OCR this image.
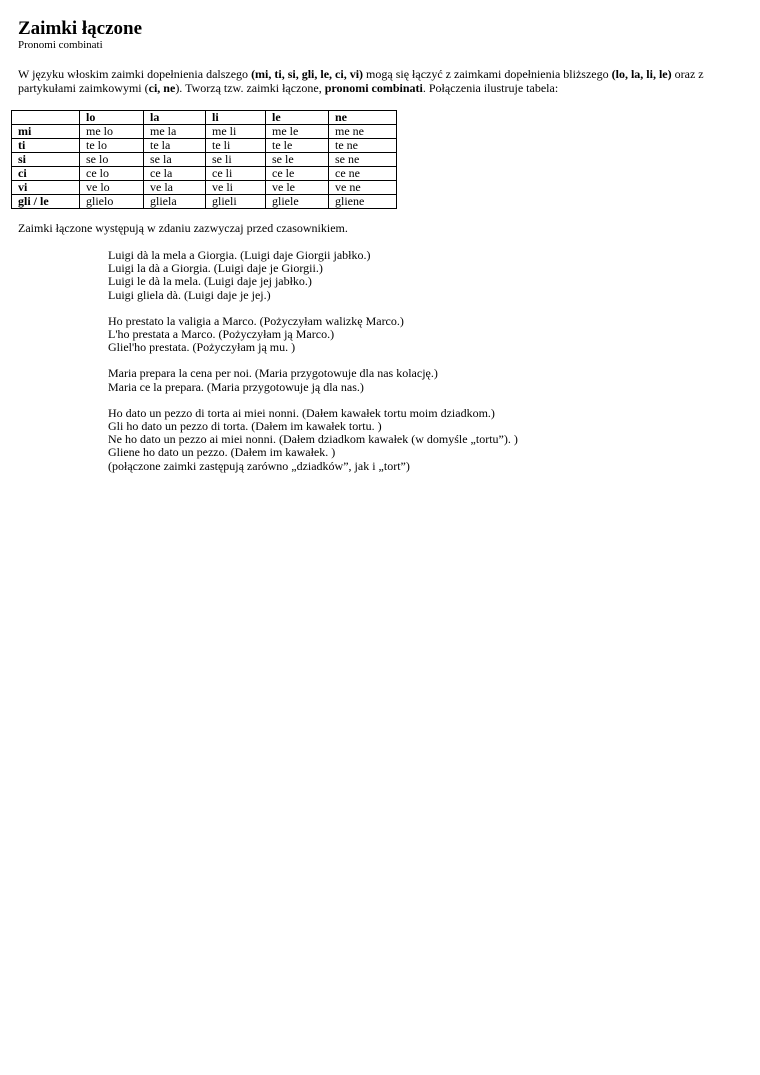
Zaimki łączone
Pronomi combinati

W języku włoskim zaimki dopełnienia dalszego (mi, ti, si, gli, le, ci, vi) mogą się łączyć z zaimkami dopełnienia bliższego (lo, la, li, le) oraz z partykułami zaimkowymi (ci, ne). Tworzą tzw. zaimki łączone, pronomi combinati. Połączenia ilustruje tabela:

	lo	la	li	le	ne
mi	me lo	me la	me li	me le	me ne
ti	te lo	te la	te li	te le	te ne
si	se lo	se la	se li	se le	se ne
ci	ce lo	ce la	ce li	ce le	ce ne
vi	ve lo	ve la	ve li	ve le	ve ne
gli / le	glielo	gliela	glieli	gliele	gliene

Zaimki łączone występują w zdaniu zazwyczaj przed czasownikiem.

Luigi dà la mela a Giorgia. (Luigi daje Giorgii jabłko.)
Luigi la dà a Giorgia. (Luigi daje je Giorgii.)
Luigi le dà la mela. (Luigi daje jej jabłko.)
Luigi gliela dà. (Luigi daje je jej.)
Ho prestato la valigia a Marco. (Pożyczyłam walizkę Marco.)
L'ho prestata a Marco. (Pożyczyłam ją Marco.)
Gliel'ho prestata. (Pożyczyłam ją mu. )
Maria prepara la cena per noi. (Maria przygotowuje dla nas kolację.)
Maria ce la prepara. (Maria przygotowuje ją dla nas.)
Ho dato un pezzo di torta ai miei nonni. (Dałem kawałek tortu moim dziadkom.)
Gli ho dato un pezzo di torta. (Dałem im kawałek tortu. )
Ne ho dato un pezzo ai miei nonni. (Dałem dziadkom kawałek (w domyśle „tortu”). )
Gliene ho dato un pezzo. (Dałem im kawałek. )
(połączone zaimki zastępują zarówno „dziadków”, jak i „tort”)
